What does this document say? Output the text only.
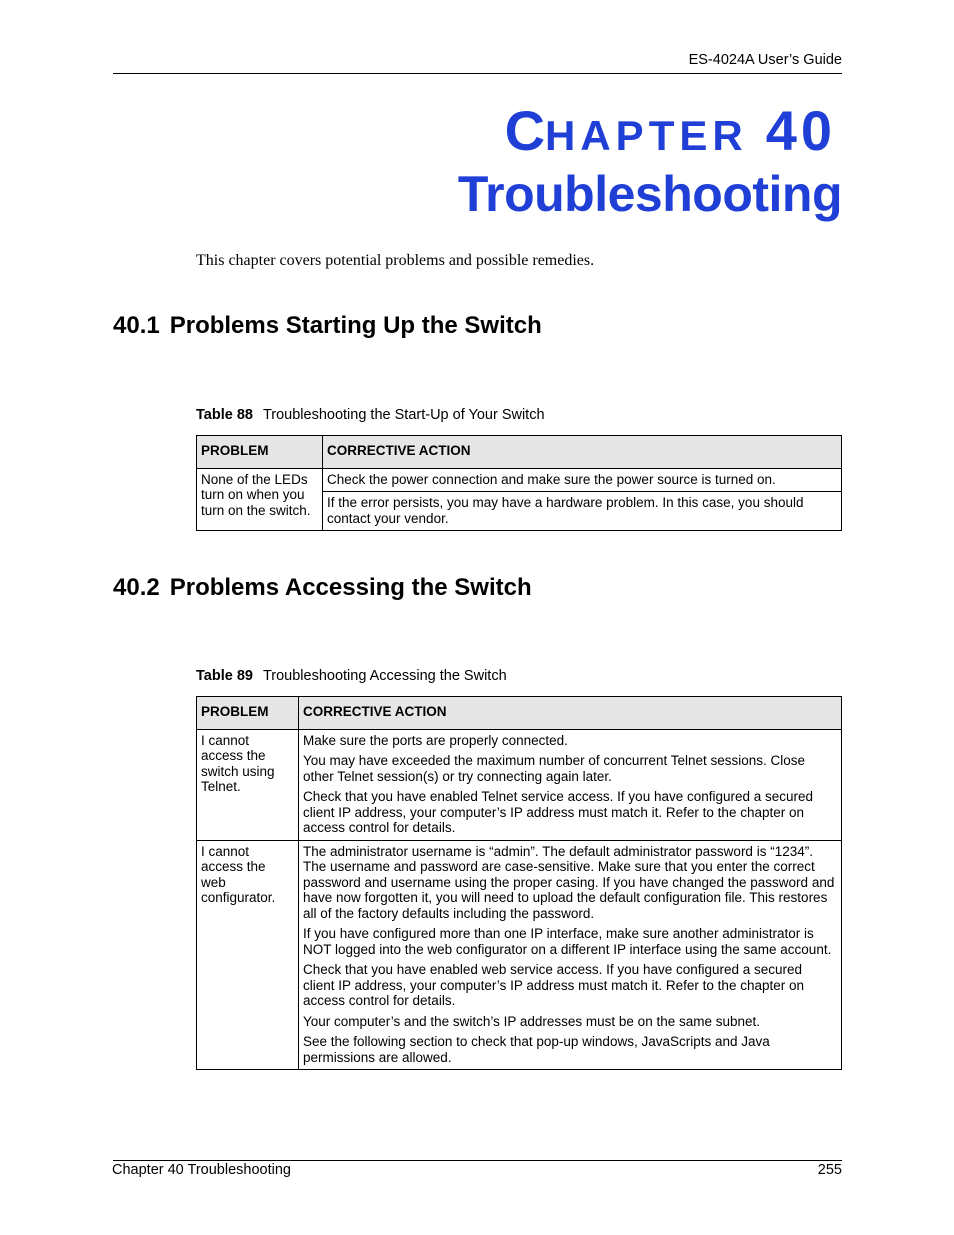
ES-4024A User’s Guide
CHAPTER 40
Troubleshooting
This chapter covers potential problems and possible remedies.
40.1 Problems Starting Up the Switch
Table 88 Troubleshooting the Start-Up of Your Switch
PROBLEM	CORRECTIVE ACTION
None of the LEDs turn on when you turn on the switch.	Check the power connection and make sure the power source is turned on.
	If the error persists, you may have a hardware problem. In this case, you should contact your vendor.
40.2 Problems Accessing the Switch
Table 89 Troubleshooting Accessing the Switch
PROBLEM	CORRECTIVE ACTION
I cannot access the switch using Telnet.	Make sure the ports are properly connected.

You may have exceeded the maximum number of concurrent Telnet sessions. Close other Telnet session(s) or try connecting again later.

Check that you have enabled Telnet service access. If you have configured a secured client IP address, your computer’s IP address must match it. Refer to the chapter on access control for details.

I cannot access the web configurator.	The administrator username is “admin”. The default administrator password is “1234”. The username and password are case-sensitive. Make sure that you enter the correct password and username using the proper casing. If you have changed the password and have now forgotten it, you will need to upload the default configuration file. This restores all of the factory defaults including the password.

If you have configured more than one IP interface, make sure another administrator is NOT logged into the web configurator on a different IP interface using the same account.

Check that you have enabled web service access. If you have configured a secured client IP address, your computer’s IP address must match it. Refer to the chapter on access control for details.

Your computer’s and the switch’s IP addresses must be on the same subnet.

See the following section to check that pop-up windows, JavaScripts and Java permissions are allowed.

Chapter 40 Troubleshooting	255
